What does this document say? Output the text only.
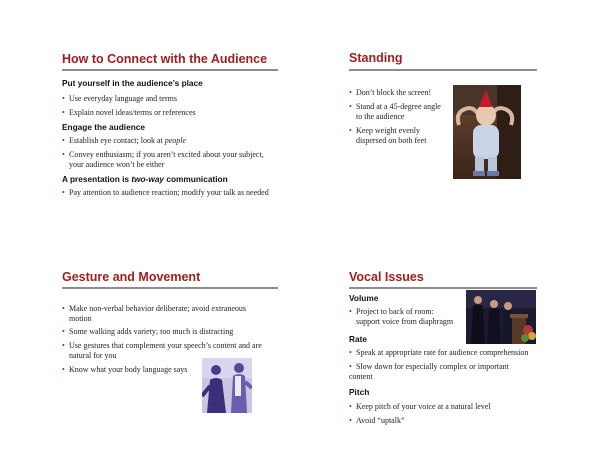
How to Connect with the Audience
Put yourself in the audience’s place
• Use everyday language and terms
• Explain novel ideas/terms or references
Engage the audience
• Establish eye contact; look at people
• Convey enthusiasm; if you aren’t excited about your subject,
your audience won’t be either
A presentation is two-way communication
• Pay attention to audience reaction; modify your talk as needed
Standing
• Don’t block the screen!
• Stand at a 45-degree angle
to the audience
• Keep weight evenly
dispersed on both feet
Gesture and Movement
• Make non-verbal behavior deliberate; avoid extraneous
motion
• Some walking adds variety; too much is distracting
• Use gestures that complement your speech’s content and are
natural for you
• Know what your body language says
Vocal Issues
Volume
• Project to back of room:
support voice from diaphragm
Rate
• Speak at appropriate rate for audience comprehension
• Slow down for especially complex or important
content
Pitch
• Keep pitch of your voice at a natural level
• Avoid “uptalk”
